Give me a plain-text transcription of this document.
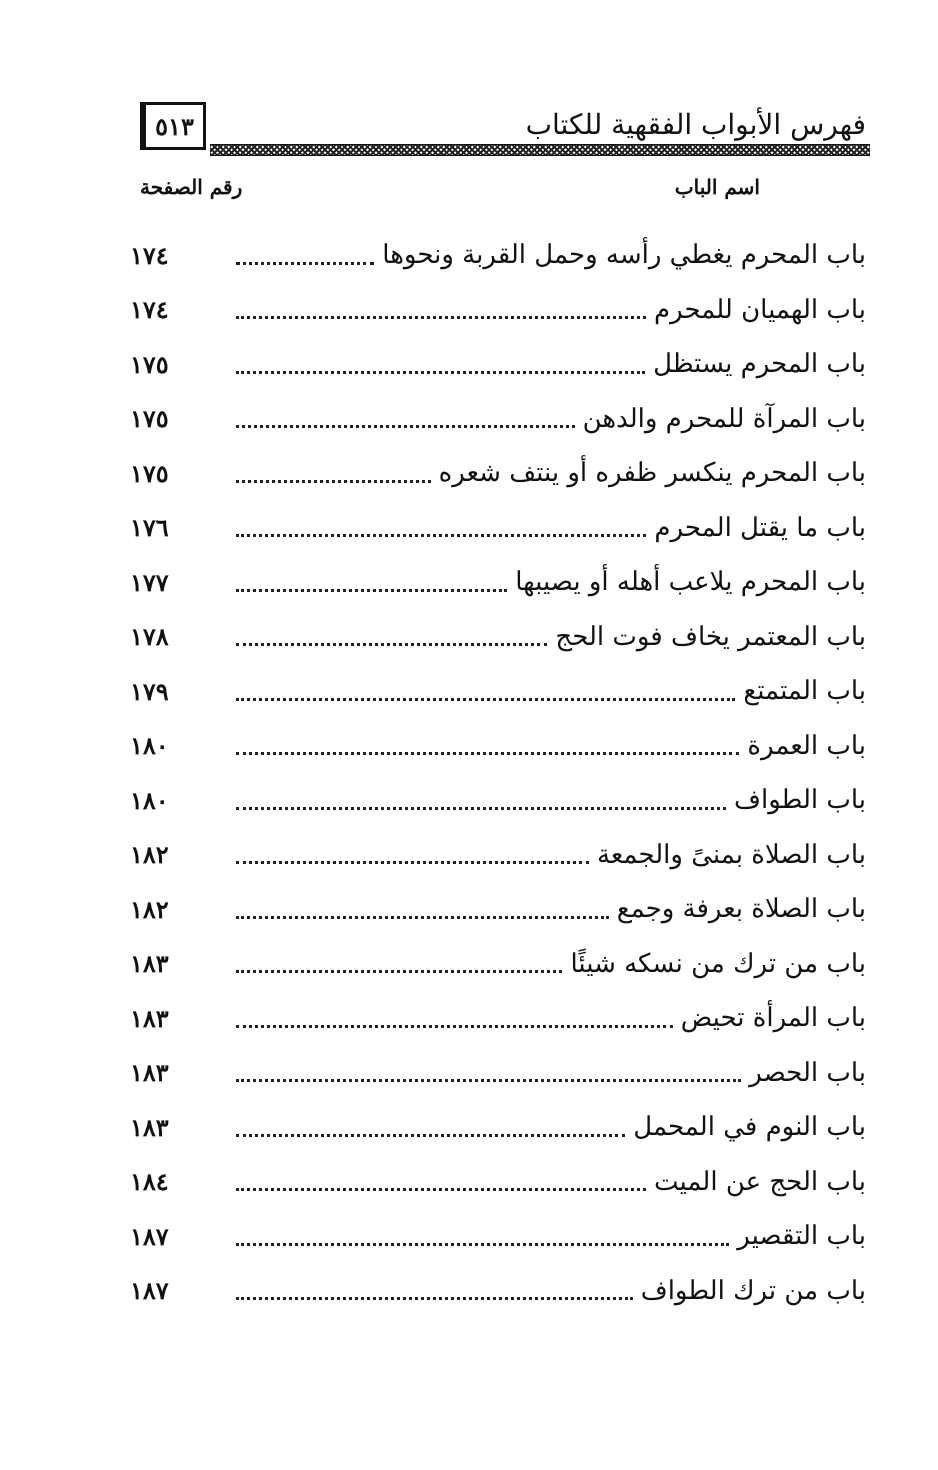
٥١٣	فهرس الأبواب الفقهية للكتاب
اسم الباب
رقم الصفحة
باب المحرم يغطي رأسه وحمل القربة ونحوها
١٧٤
باب الهميان للمحرم
١٧٤
باب المحرم يستظل
١٧٥
باب المرآة للمحرم والدهن
١٧٥
باب المحرم ينكسر ظفره أو ينتف شعره
١٧٥
باب ما يقتل المحرم
١٧٦
باب المحرم يلاعب أهله أو يصيبها
١٧٧
باب المعتمر يخاف فوت الحج
١٧٨
باب المتمتع
١٧٩
باب العمرة
١٨٠
باب الطواف
١٨٠
باب الصلاة بمنىً والجمعة
١٨٢
باب الصلاة بعرفة وجمع
١٨٢
باب من ترك من نسكه شيئًا
١٨٣
باب المرأة تحيض
١٨٣
باب الحصر
١٨٣
باب النوم في المحمل
١٨٣
باب الحج عن الميت
١٨٤
باب التقصير
١٨٧
باب من ترك الطواف
١٨٧
